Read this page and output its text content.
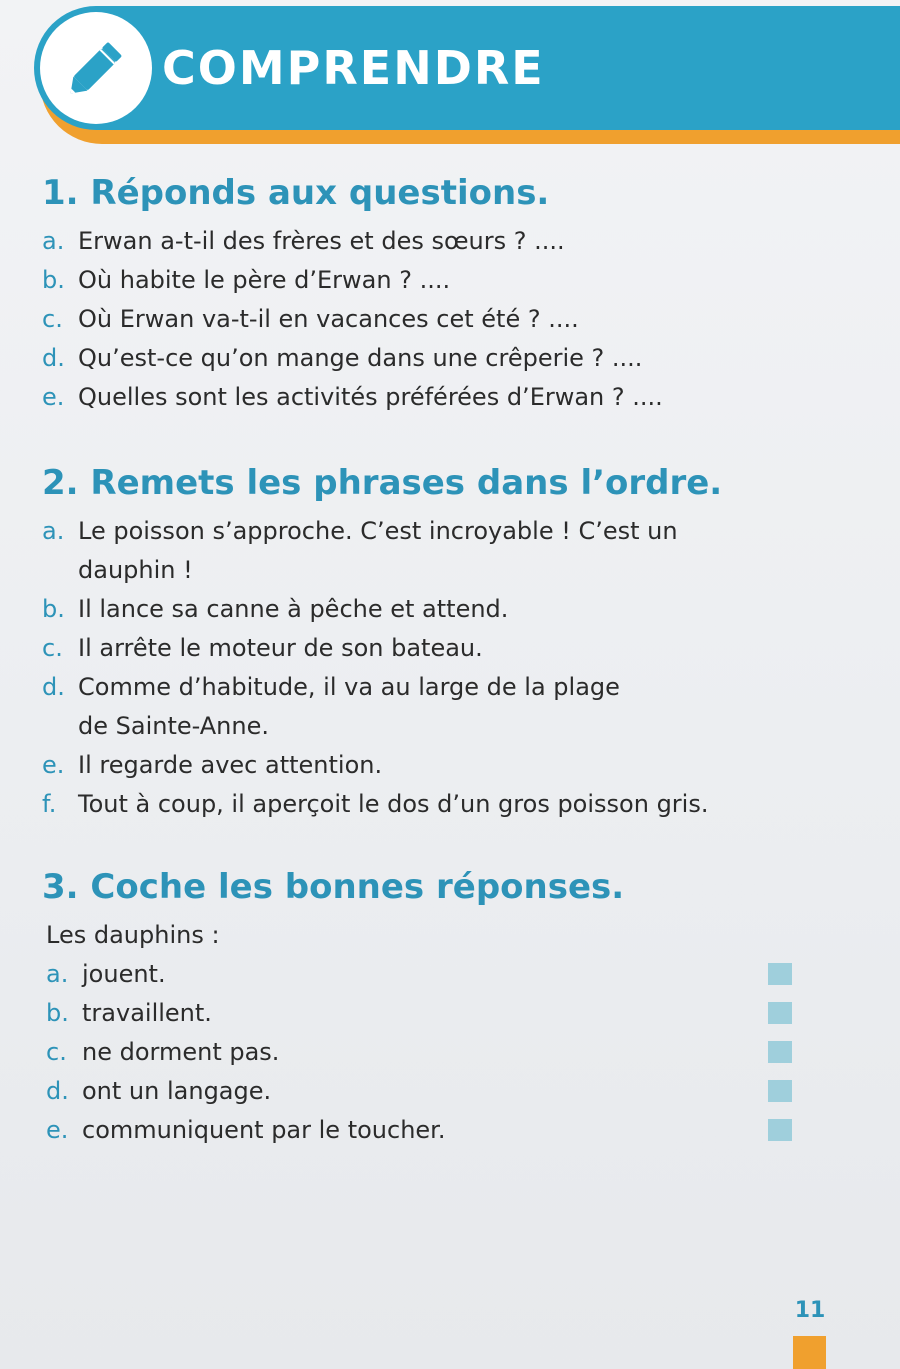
COMPRENDRE
1. Réponds aux questions.
a. Erwan a-t-il des frères et des sœurs ? ....
b. Où habite le père d’Erwan ? ....
c. Où Erwan va-t-il en vacances cet été ? ....
d. Qu’est-ce qu’on mange dans une crêperie ? ....
e. Quelles sont les activités préférées d’Erwan ? ....
2. Remets les phrases dans l’ordre.
a. Le poisson s’approche. C’est incroyable ! C’est un
dauphin !
b. Il lance sa canne à pêche et attend.
c. Il arrête le moteur de son bateau.
d. Comme d’habitude, il va au large de la plage
de Sainte-Anne.
e. Il regarde avec attention.
f. Tout à coup, il aperçoit le dos d’un gros poisson gris.
3. Coche les bonnes réponses.
Les dauphins :
a. jouent.
b. travaillent.
c. ne dorment pas.
d. ont un langage.
e. communiquent par le toucher.
11
